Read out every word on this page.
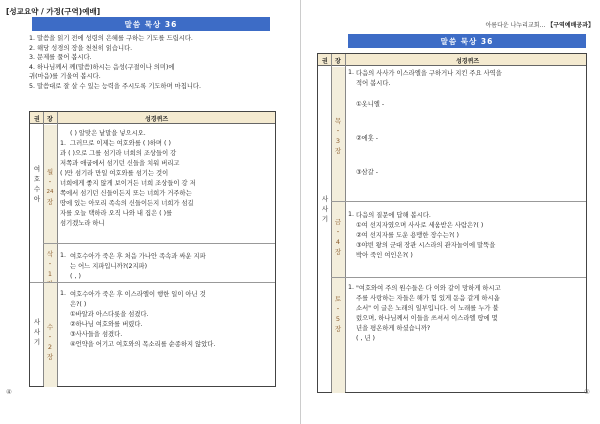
[성교요약 / 가정(구역)예배]
말씀 묵상 36
1. 말씀을 읽기 전에 성령의 은혜를 구하는 기도를 드립시다.
2. 해당 성경의 장을 천천히 읽습니다.
3. 문제를 풀어 봅시다.
4. 하나님께서 께(말씀)하시는 음성(구절이나 의미)에
귀(마음)를 기울여 봅시다.
5. 말씀대로 잘 살 수 있는 능력을 주시도록 기도하며 마칩니다.
권 장	성경퀴즈
여
호
수
아
사
사
기
월
・
24
장
삭
・
1
수
・
2
장
1.
( ) 알맞은 낱말을 넣으시오.
그러므로 이제는 여호와를 ( )하며 ( )
과 ( )으로 그를 섬기라 너희의 조상들이 강
저쪽과 애굽에서 섬기던 신들을 치워 버리고
( )만 섬기라 만일 여호와를 섬기는 것이
너희에게 좋지 않게 보이거든 너희 조상들이 강 저
쪽에서 섬기던 신들이든지 또는 너희가 거주하는
땅에 있는 아모리 족속의 신들이든지 너희가 섬길
자를 오늘 택하라 오직 나와 내 집은 ( )를
섬기겠노라 하니
1. 여호수아가 죽은 후 처음 가나안 족속과 싸운 지파
는 어느 지파입니까?(2지파)
( , )
1. 여호수아가 죽은 후 이스라엘이 행한 일이 아닌 것
은?( )
①바알과 아스다롯을 섬겼다.
②하나님 여호와를 버렸다.
③사사들을 섬겼다.
④언약을 어기고 여호와의 목소리를 순종하지 않았다.
④
아름다운 나누리교회... 【구역예배공과】
말씀 묵상 36
권 장	성경퀴즈
사
사
기
목
・
3
장
금
・
4
장
토
・
5
장
1. 다음의 사사가 이스라엘을 구하거나 지킨 주요 사역을
적어 봅시다.
①옷니엘 -
②에훗 -
③삼갈 -
1. 다음의 질문에 답해 봅시다.
①여 선지자였으며 사사로 세움받은 사람은?( )
②여 선지자를 도운 용맹한 장수는?( )
③야빈 왕의 군대 장관 시스라의 관자놀이에 말뚝을
박아 죽인 여인은?( )
1. "여호와여 주의 원수들은 다 이와 같이 망하게 하시고
주를 사랑하는 자들은 해가 힘 있게 돋음 같게 하시옵
소서" 이 글은 노래의 일부입니다. 이 노래를 누가 불
렀으며, 하나님께서 이들을 쓰셔서 이스라엘 땅에 몇
년을 평온하게 하셨습니까?
( , 년 )
⑤
